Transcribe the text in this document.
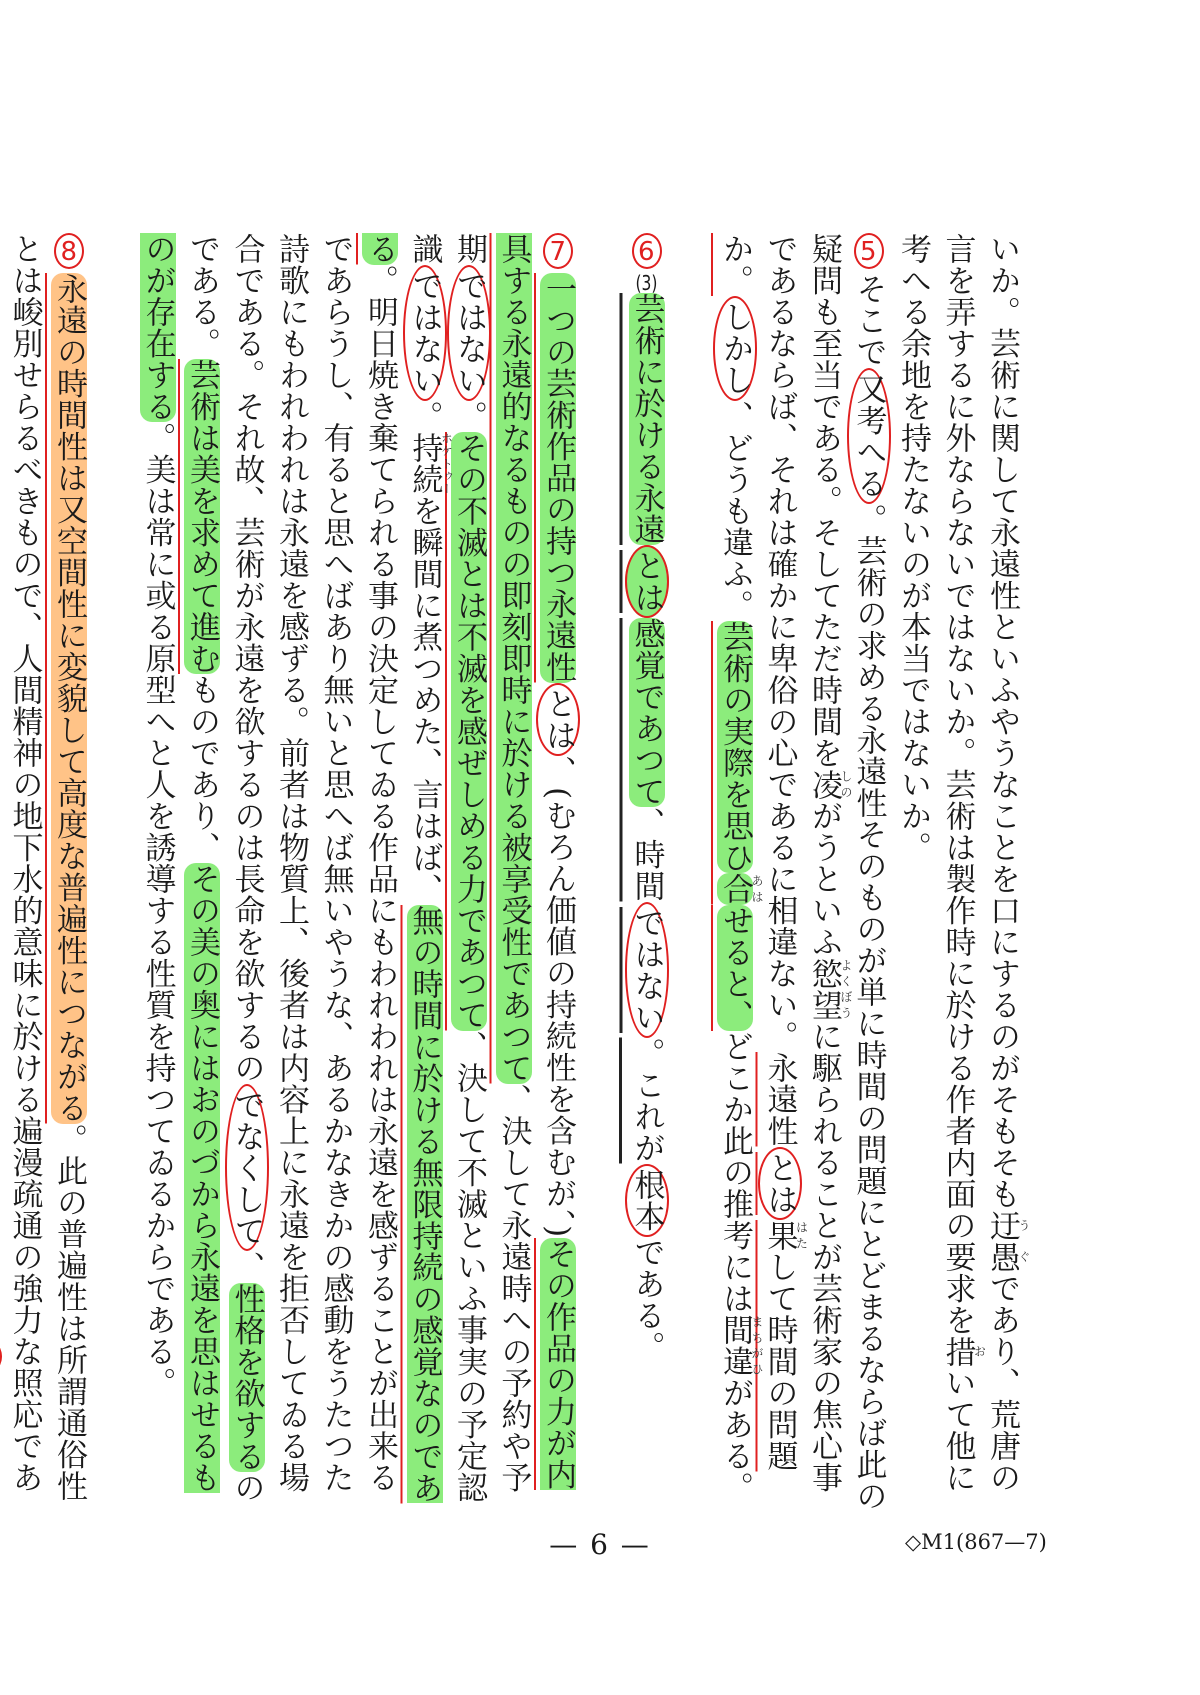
いか。芸術に関して永遠性といふやうなことを口にするのがそもそも迂愚うぐであり、荒唐の言を弄するに外ならないではないか。芸術は製作時に於ける作者内面の要求を措おいて他に考へる余地を持たないのが本当ではないか。

5そこで又考へる。芸術の求める永遠性そのものが単に時間の問題にとどまるならば此の疑問も至当である。そしてただ時間を凌しのがうといふ慾望よくぼうに駆られることが芸術家の焦心事であるならば、それは確かに卑俗の心であるに相違ない。永遠性とは果はたして時間の問題か。しかし、どうも違ふ。芸術の実際を思ひ合あはせると、どこか此の推考には間違まちがひがある。

6(3)芸術に於ける永遠とは感覚であつて、時間ではない。これが根本である。

7一つの芸術作品の持つ永遠性とは、(むろん価値の持続性を含むが、)その作品の力が内具する永遠的なるものの即刻即時に於ける被享受性であつて、決して永遠時への予約や予期ではない。その不滅とは不滅を感ぜしめる力であつて、決して不滅といふ事実の予定認識ではない。持続ホケトゥーを瞬間に煮つめた、言はば、無の時間に於ける無限持続の感覚なのである。明日焼き棄てられる事の決定してゐる作品にもわれわれは永遠を感ずることが出来るであらうし、有ると思へばあり無いと思へば無いやうな、あるかなきかの感動をうたつた詩歌にもわれわれは永遠を感ずる。前者は物質上、後者は内容上に永遠を拒否してゐる場合である。それ故、芸術が永遠を欲するのは長命を欲するのでなくして、性格を欲するのである。芸術は美を求めて進むものであり、その美の奥にはおのづから永遠を思はせるものが存在する。美は常に或る原型へと人を誘導する性質を持つてゐるからである。

8永遠の時間性は又空間性に変貌して高度な普遍性につながる。此の普遍性は所謂通俗性とは峻別せらるべきもので、人間精神の地下水的意味に於ける遍漫疏通の強力な照応であ

— 6 —	◇M1(867—7)
